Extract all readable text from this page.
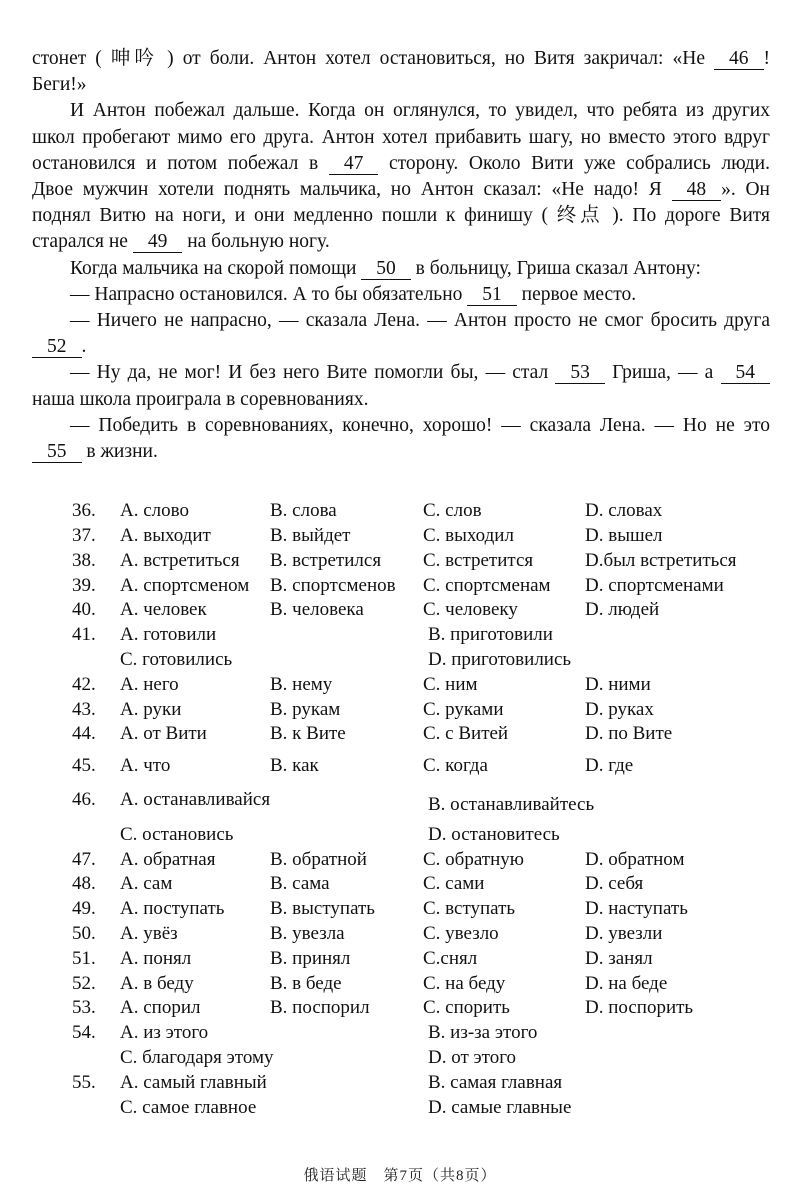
стонет ( 呻吟 ) от боли. Антон хотел остановиться, но Витя закричал: «Не 46 !
Беги!»
И Антон побежал дальше. Когда он оглянулся, то увидел, что ребята из других
школ пробегают мимо его друга. Антон хотел прибавить шагу, но вместо этого вдруг
остановился и потом побежал в 47 сторону. Около Вити уже собрались люди.
Двое мужчин хотели поднять мальчика, но Антон сказал: «Не надо! Я 48 ». Он
поднял Витю на ноги, и они медленно пошли к финишу ( 终点 ). По дороге Витя
старался не 49 на больную ногу.
Когда мальчика на скорой помощи 50 в больницу, Гриша сказал Антону:
— Напрасно остановился. А то бы обязательно 51 первое место.
— Ничего не напрасно, — сказала Лена. — Антон просто не смог бросить друга
52 .
— Ну да, не мог! И без него Вите помогли бы, — стал 53 Гриша, — а 54
наша школа проиграла в соревнованиях.
— Победить в соревнованиях, конечно, хорошо! — сказала Лена. — Но не это
55 в жизни.
36.	A. слово	B. слова	C. слов	D. словах
37.	A. выходит	B. выйдет	C. выходил	D. вышел
38.	A. встретиться	B. встретился	C. встретится	D.был встретиться
39.	A. спортсменом	B. спортсменов	C. спортсменам	D. спортсменами
40.	A. человек	B. человека	C. человеку	D. людей
41.	A. готовили	B. приготовили
C. готовились	D. приготовились
42.	A. него	B. нему	C. ним	D. ними
43.	A. руки	B. рукам	C. руками	D. руках
44.	A. от Вити	B. к Вите	C. с Витей	D. по Вите
45.	A. что	B. как	C. когда	D. где
46.	A. останавливайся	B. останавливайтесь
C. остановись	D. остановитесь
47.	A. обратная	B. обратной	C. обратную	D. обратном
48.	A. сам	B. сама	C. сами	D. себя
49.	A. поступать	B. выступать	C. вступать	D. наступать
50.	A. увёз	B. увезла	C. увезло	D. увезли
51.	A. понял	B. принял	C.снял	D. занял
52.	A. в беду	B. в беде	C. на беду	D. на беде
53.	A. спорил	B. поспорил	C. спорить	D. поспорить
54.	A. из этого	B. из-за этого
C. благодаря этому	D. от этого
55.	A. самый главный	B. самая главная
C. самое главное	D. самые главные
俄语试题　第7页（共8页）
